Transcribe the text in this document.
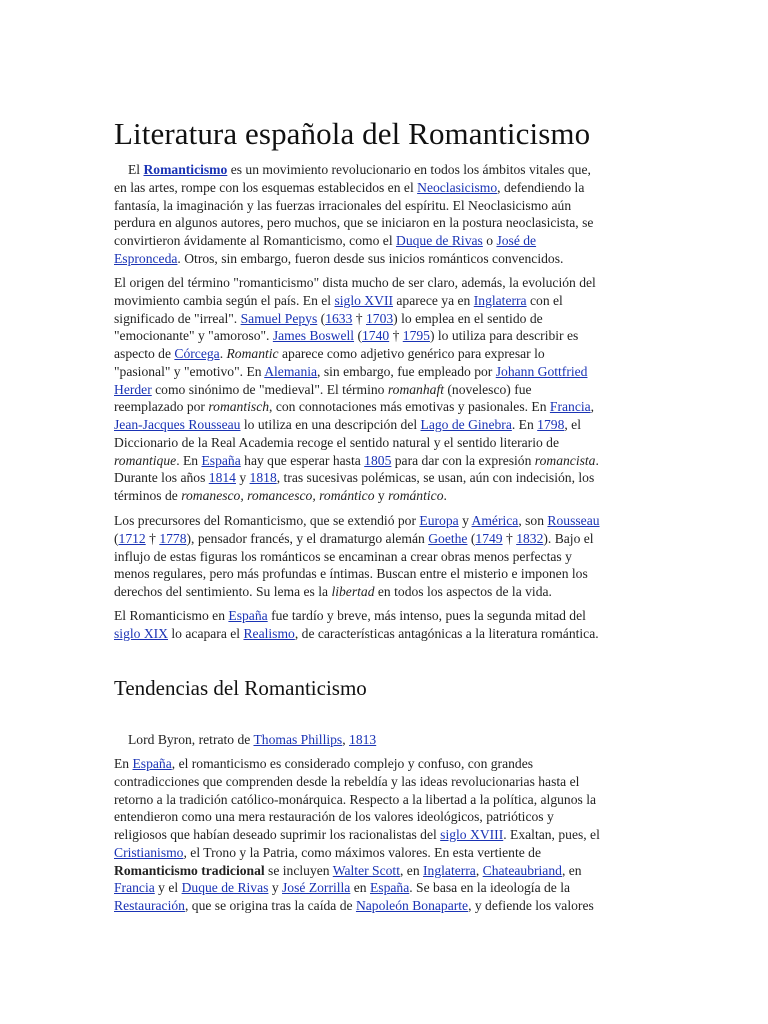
Literatura española del Romanticismo
El Romanticismo es un movimiento revolucionario en todos los ámbitos vitales que,
en las artes, rompe con los esquemas establecidos en el Neoclasicismo, defendiendo la
fantasía, la imaginación y las fuerzas irracionales del espíritu. El Neoclasicismo aún
perdura en algunos autores, pero muchos, que se iniciaron en la postura neoclasicista, se
convirtieron ávidamente al Romanticismo, como el Duque de Rivas o José de
Espronceda. Otros, sin embargo, fueron desde sus inicios románticos convencidos.
El origen del término "romanticismo" dista mucho de ser claro, además, la evolución del
movimiento cambia según el país. En el siglo XVII aparece ya en Inglaterra con el
significado de "irreal". Samuel Pepys (1633 † 1703) lo emplea en el sentido de
"emocionante" y "amoroso". James Boswell (1740 † 1795) lo utiliza para describir es
aspecto de Córcega. Romantic aparece como adjetivo genérico para expresar lo
"pasional" y "emotivo". En Alemania, sin embargo, fue empleado por Johann Gottfried
Herder como sinónimo de "medieval". El término romanhaft (novelesco) fue
reemplazado por romantisch, con connotaciones más emotivas y pasionales. En Francia,
Jean-Jacques Rousseau lo utiliza en una descripción del Lago de Ginebra. En 1798, el
Diccionario de la Real Academia recoge el sentido natural y el sentido literario de
romantique. En España hay que esperar hasta 1805 para dar con la expresión romancista.
Durante los años 1814 y 1818, tras sucesivas polémicas, se usan, aún con indecisión, los
términos de romanesco, romancesco, romántico y romántico.
Los precursores del Romanticismo, que se extendió por Europa y América, son Rousseau
(1712 † 1778), pensador francés, y el dramaturgo alemán Goethe (1749 † 1832). Bajo el
influjo de estas figuras los románticos se encaminan a crear obras menos perfectas y
menos regulares, pero más profundas e íntimas. Buscan entre el misterio e imponen los
derechos del sentimiento. Su lema es la libertad en todos los aspectos de la vida.
El Romanticismo en España fue tardío y breve, más intenso, pues la segunda mitad del
siglo XIX lo acapara el Realismo, de características antagónicas a la literatura romántica.
Tendencias del Romanticismo
Lord Byron, retrato de Thomas Phillips, 1813
En España, el romanticismo es considerado complejo y confuso, con grandes
contradicciones que comprenden desde la rebeldía y las ideas revolucionarias hasta el
retorno a la tradición católico-monárquica. Respecto a la libertad a la política, algunos la
entendieron como una mera restauración de los valores ideológicos, patrióticos y
religiosos que habían deseado suprimir los racionalistas del siglo XVIII. Exaltan, pues, el
Cristianismo, el Trono y la Patria, como máximos valores. En esta vertiente de
Romanticismo tradicional se incluyen Walter Scott, en Inglaterra, Chateaubriand, en
Francia y el Duque de Rivas y José Zorrilla en España. Se basa en la ideología de la
Restauración, que se origina tras la caída de Napoleón Bonaparte, y defiende los valores
